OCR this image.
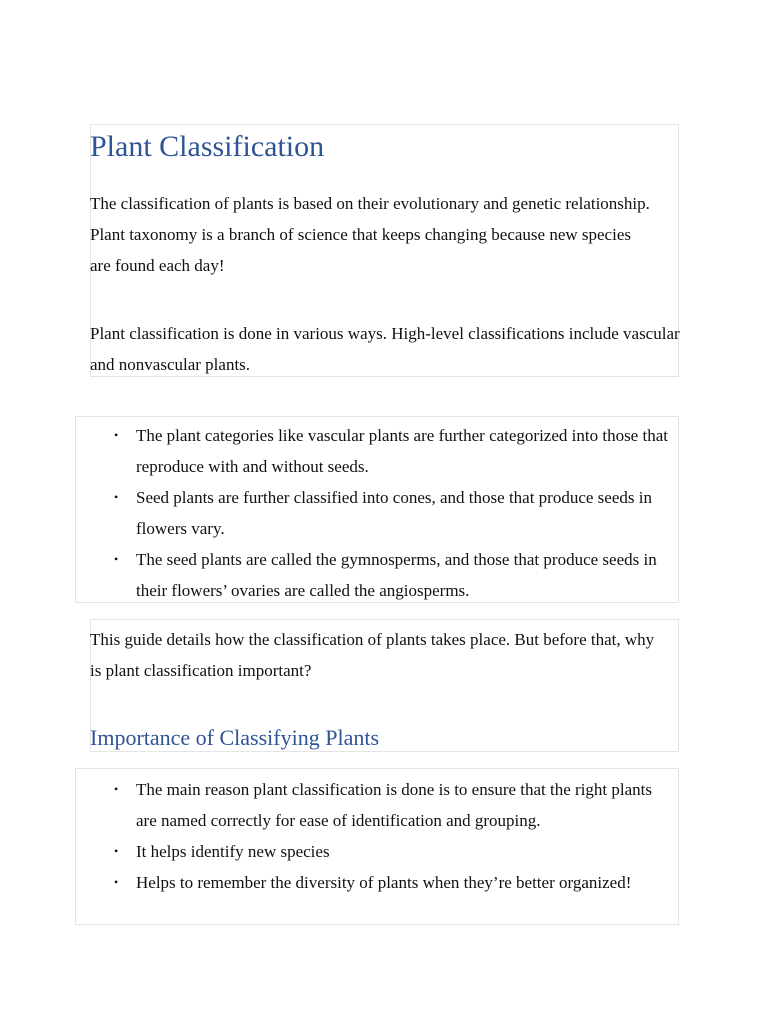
Plant Classification

The classification of plants is based on their evolutionary and genetic relationship. Plant taxonomy is a branch of science that keeps changing because new species are found each day!

Plant classification is done in various ways. High-level classifications include vascular and nonvascular plants.

• The plant categories like vascular plants are further categorized into those that reproduce with and without seeds.
• Seed plants are further classified into cones, and those that produce seeds in flowers vary.
• The seed plants are called the gymnosperms, and those that produce seeds in their flowers’ ovaries are called the angiosperms.

This guide details how the classification of plants takes place. But before that, why is plant classification important?

Importance of Classifying Plants
• The main reason plant classification is done is to ensure that the right plants are named correctly for ease of identification and grouping.
• It helps identify new species
• Helps to remember the diversity of plants when they’re better organized!
